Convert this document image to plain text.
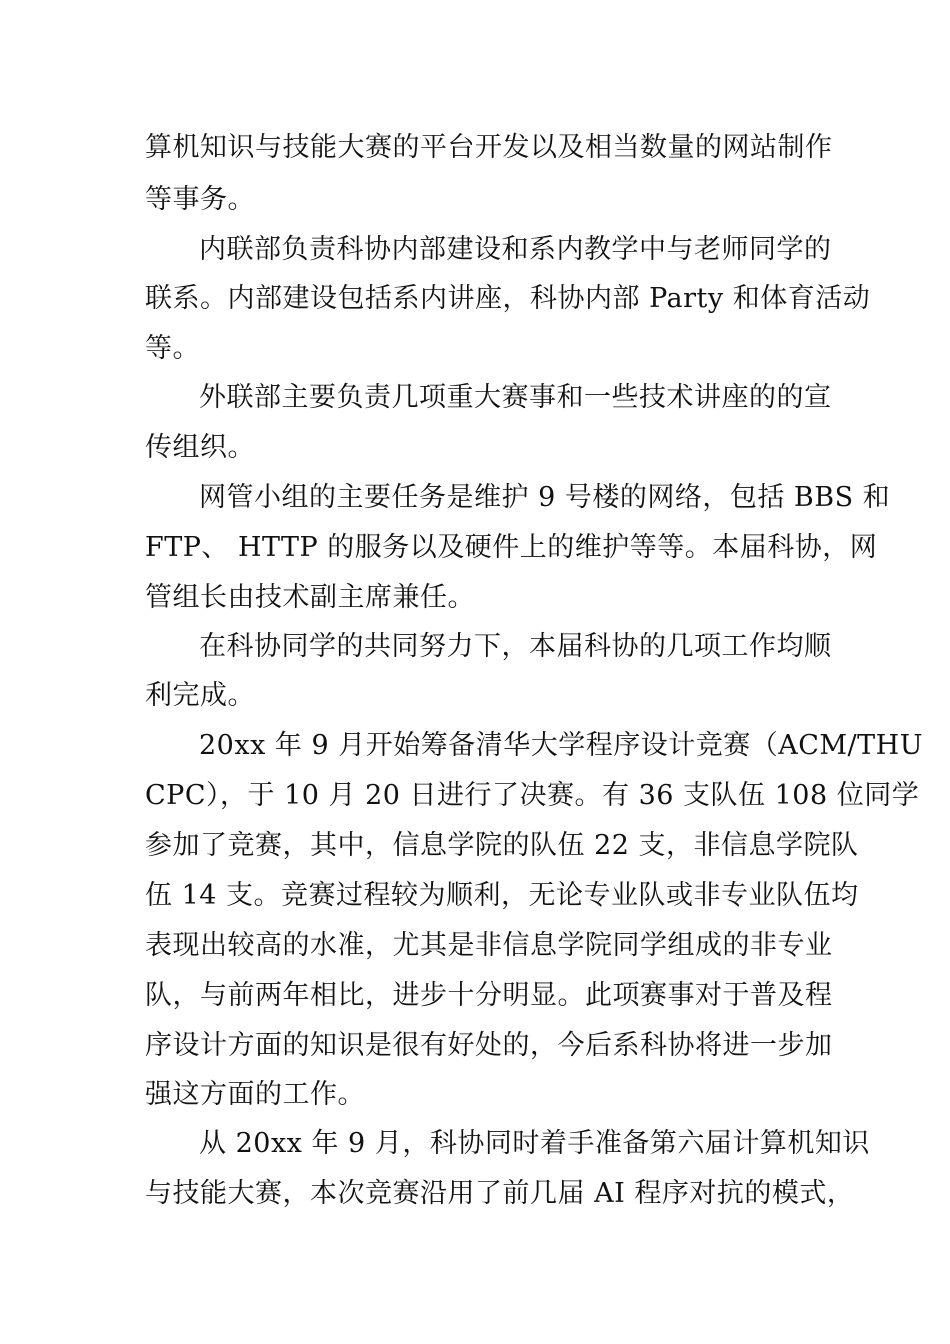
算机知识与技能大赛的平台开发以及相当数量的网站制作
等事务。
内联部负责科协内部建设和系内教学中与老师同学的
联系。内部建设包括系内讲座，科协内部 Party 和体育活动
等。
外联部主要负责几项重大赛事和一些技术讲座的的宣
传组织。
网管小组的主要任务是维护 9 号楼的网络，包括 BBS 和
FTP、 HTTP 的服务以及硬件上的维护等等。本届科协，网
管组长由技术副主席兼任。
在科协同学的共同努力下，本届科协的几项工作均顺
利完成。
20xx 年 9 月开始筹备清华大学程序设计竞赛（ACM/THU
CPC），于 10 月 20 日进行了决赛。有 36 支队伍 108 位同学
参加了竞赛，其中，信息学院的队伍 22 支，非信息学院队
伍 14 支。竞赛过程较为顺利，无论专业队或非专业队伍均
表现出较高的水准，尤其是非信息学院同学组成的非专业
队，与前两年相比，进步十分明显。此项赛事对于普及程
序设计方面的知识是很有好处的，今后系科协将进一步加
强这方面的工作。
从 20xx 年 9 月，科协同时着手准备第六届计算机知识
与技能大赛，本次竞赛沿用了前几届 AI 程序对抗的模式，
